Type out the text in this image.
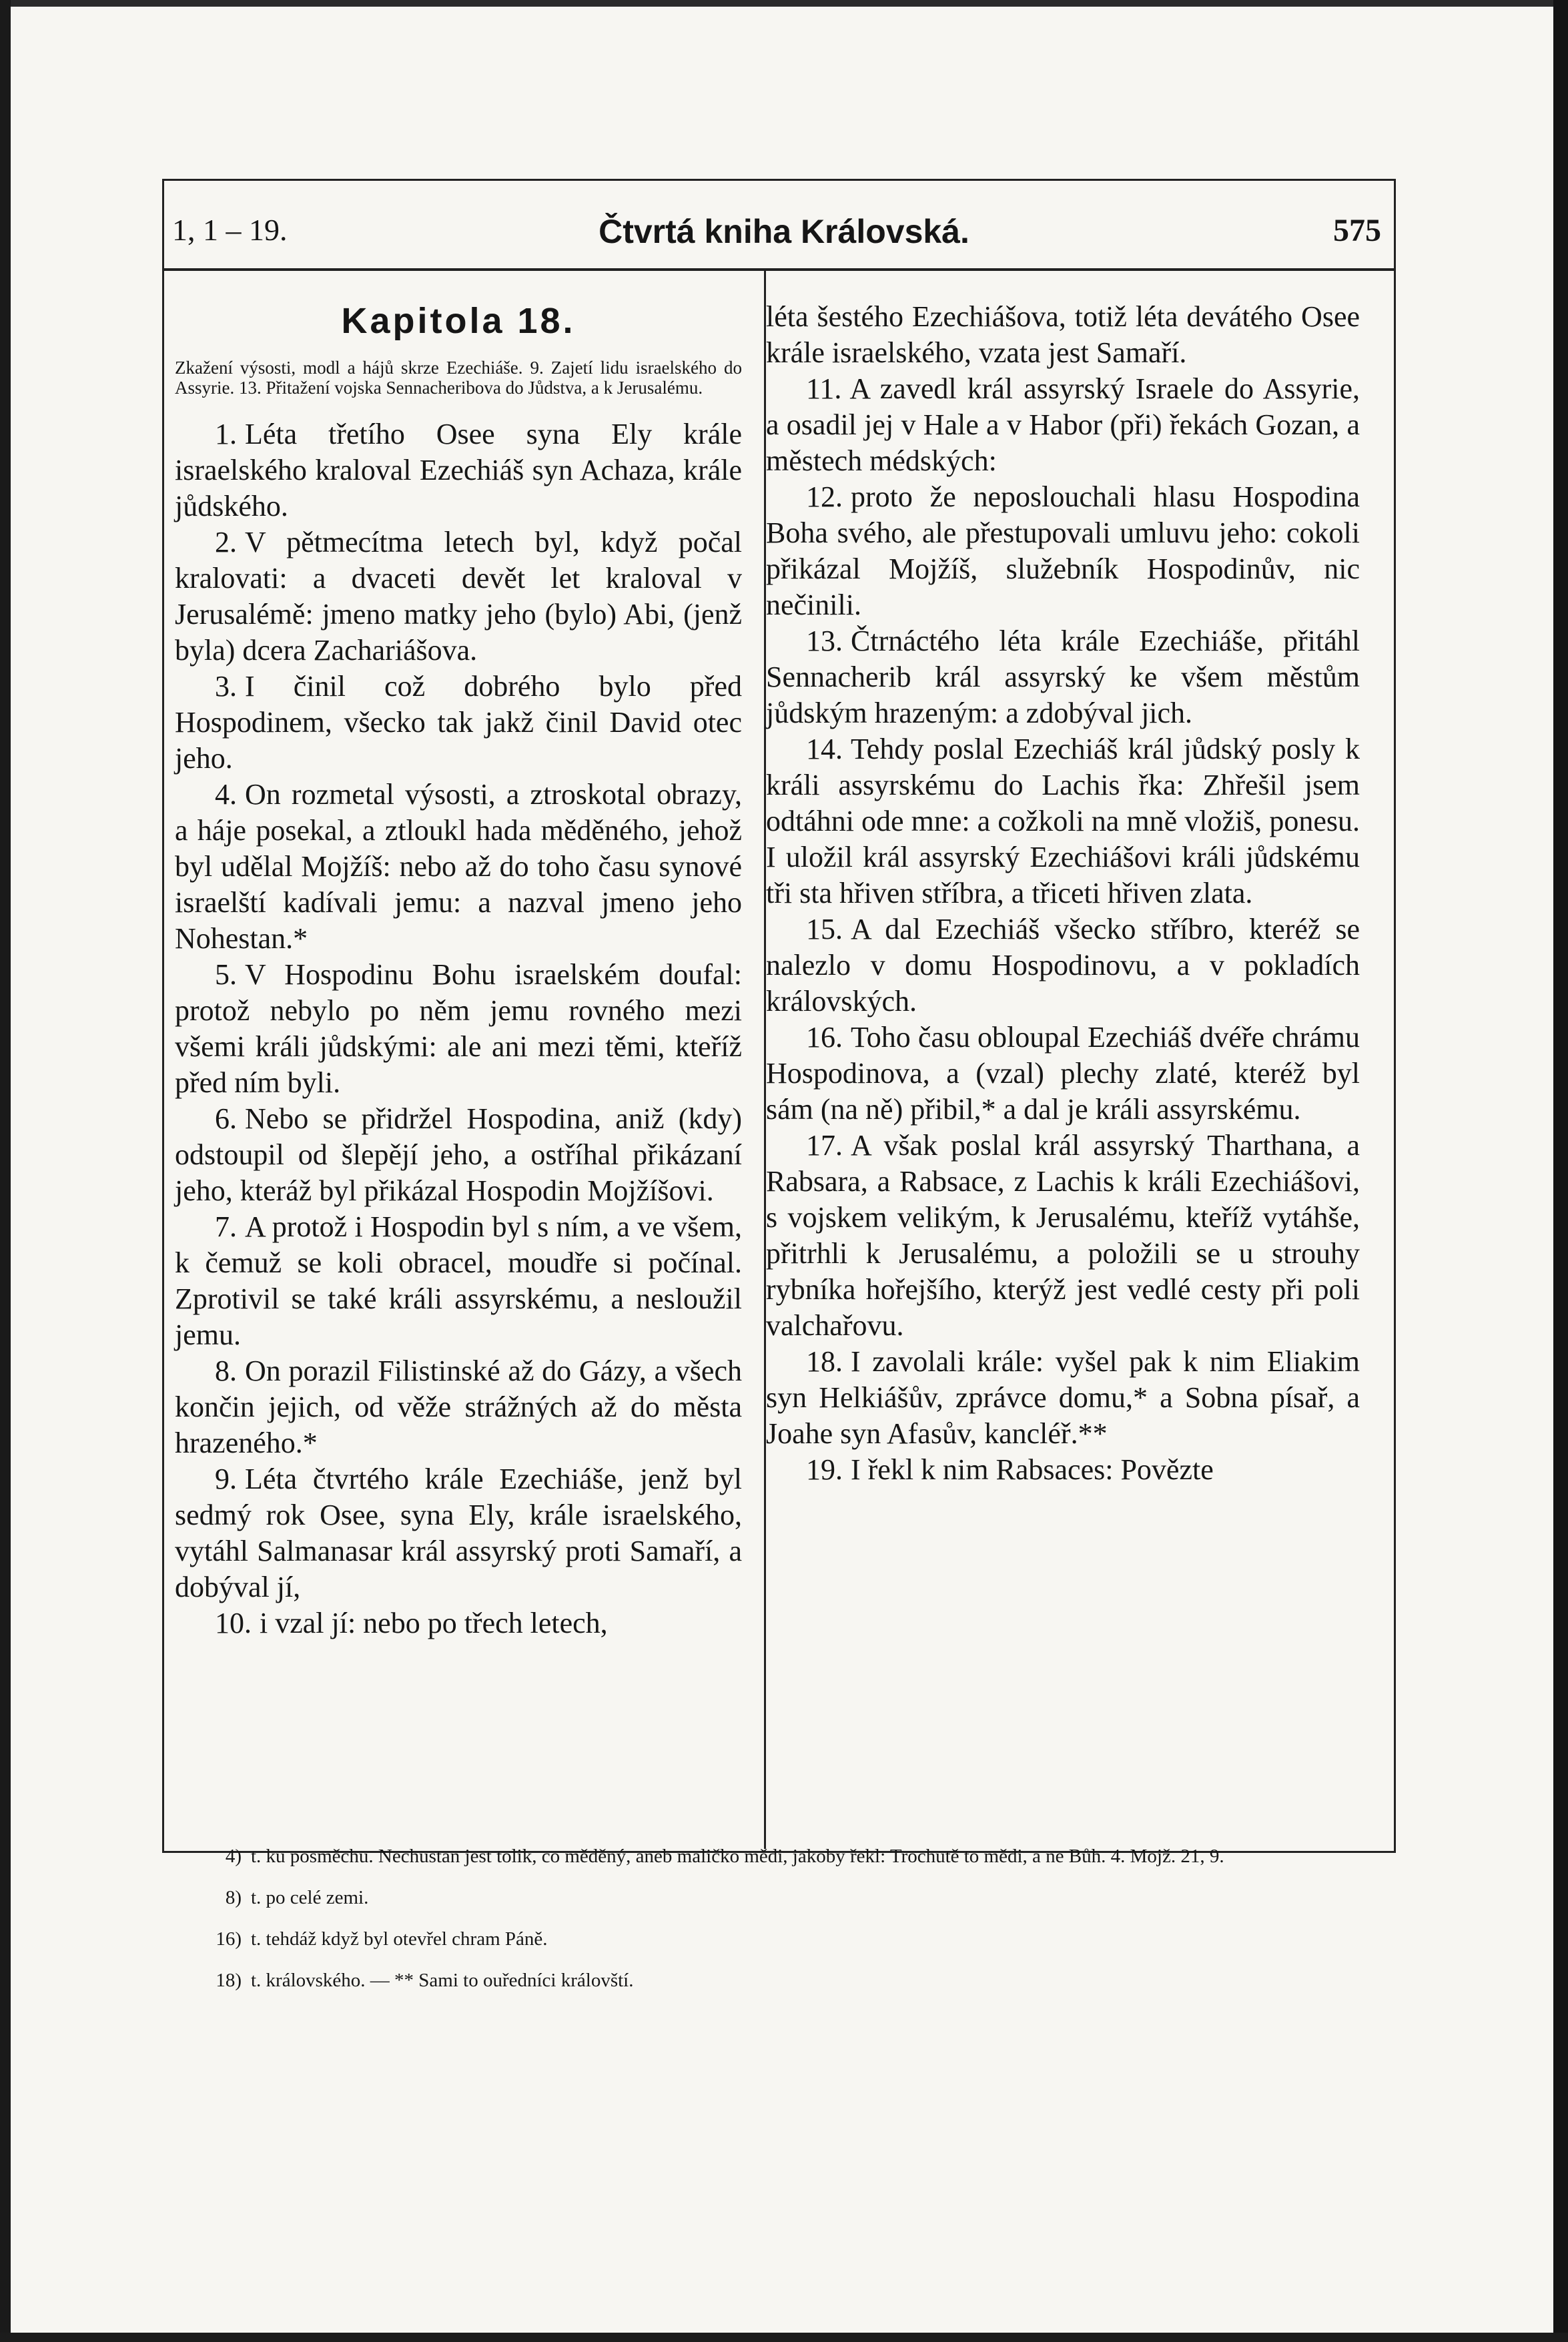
1, 1 – 19.	Čtvrtá kniha Královská.	575
Kapitola 18.
Zkažení výsosti, modl a hájů skrze Ezechiáše. 9. Zajetí lidu israelského do Assyrie. 13. Přitažení vojska Sennacheribova do Jůdstva, a k Jerusalému.

1. Léta třetího Osee syna Ely krále israelského kraloval Ezechiáš syn Achaza, krále jůdského.

2. V pětmecítma letech byl, když počal kralovati: a dvaceti devět let kraloval v Jerusalémě: jmeno matky jeho (bylo) Abi, (jenž byla) dcera Zachariášova.

3. I činil což dobrého bylo před Hospodinem, všecko tak jakž činil David otec jeho.

4. On rozmetal výsosti, a ztroskotal obrazy, a háje posekal, a ztloukl hada měděného, jehož byl udělal Mojžíš: nebo až do toho času synové israelští kadívali jemu: a nazval jmeno jeho Nohestan.*

5. V Hospodinu Bohu israelském doufal: protož nebylo po něm jemu rovného mezi všemi králi jůdskými: ale ani mezi těmi, kteříž před ním byli.

6. Nebo se přidržel Hospodina, aniž (kdy) odstoupil od šlepějí jeho, a ostříhal přikázaní jeho, kteráž byl přikázal Hospodin Mojžíšovi.

7. A protož i Hospodin byl s ním, a ve všem, k čemuž se koli obracel, moudře si počínal. Zprotivil se také králi assyrskému, a nesloužil jemu.

8. On porazil Filistinské až do Gázy, a všech končin jejich, od věže strážných až do města hrazeného.*

9. Léta čtvrtého krále Ezechiáše, jenž byl sedmý rok Osee, syna Ely, krále israelského, vytáhl Salmanasar král assyrský proti Samaří, a dobýval jí,

10. i vzal jí: nebo po třech letech,

léta šestého Ezechiášova, totiž léta devátého Osee krále israelského, vzata jest Samaří.

11. A zavedl král assyrský Israele do Assyrie, a osadil jej v Hale a v Habor (při) řekách Gozan, a městech médských:

12. proto že neposlouchali hlasu Hospodina Boha svého, ale přestupovali umluvu jeho: cokoli přikázal Mojžíš, služebník Hospodinův, nic nečinili.

13. Čtrnáctého léta krále Ezechiáše, přitáhl Sennacherib král assyrský ke všem městům jůdským hrazeným: a zdobýval jich.

14. Tehdy poslal Ezechiáš král jůdský posly k králi assyrskému do Lachis řka: Zhřešil jsem odtáhni ode mne: a cožkoli na mně vložiš, ponesu. I uložil král assyrský Ezechiášovi králi jůdskému tři sta hřiven stříbra, a třiceti hřiven zlata.

15. A dal Ezechiáš všecko stříbro, kteréž se nalezlo v domu Hospodinovu, a v pokladích královských.

16. Toho času obloupal Ezechiáš dvéře chrámu Hospodinova, a (vzal) plechy zlaté, kteréž byl sám (na ně) přibil,* a dal je králi assyrskému.

17. A však poslal král assyrský Tharthana, a Rabsara, a Rabsace, z Lachis k králi Ezechiášovi, s vojskem velikým, k Jerusalému, kteříž vytáhše, přitrhli k Jerusalému, a položili se u strouhy rybníka hořejšího, kterýž jest vedlé cesty při poli valchařovu.

18. I zavolali krále: vyšel pak k nim Eliakim syn Helkiášův, zprávce domu,* a Sobna písař, a Joahe syn Afasův, kancléř.**

19. I řekl k nim Rabsaces: Povězte

4) t. ku posměchu. Nechustan jest tolik, co měděný, aneb maličko mědi, jakoby řekl: Trochutě to mědi, a ne Bůh. 4. Mojž. 21, 9.

8) t. po celé zemi.

16) t. tehdáž když byl otevřel chram Páně.

18) t. královského. — ** Sami to ouředníci královští.
